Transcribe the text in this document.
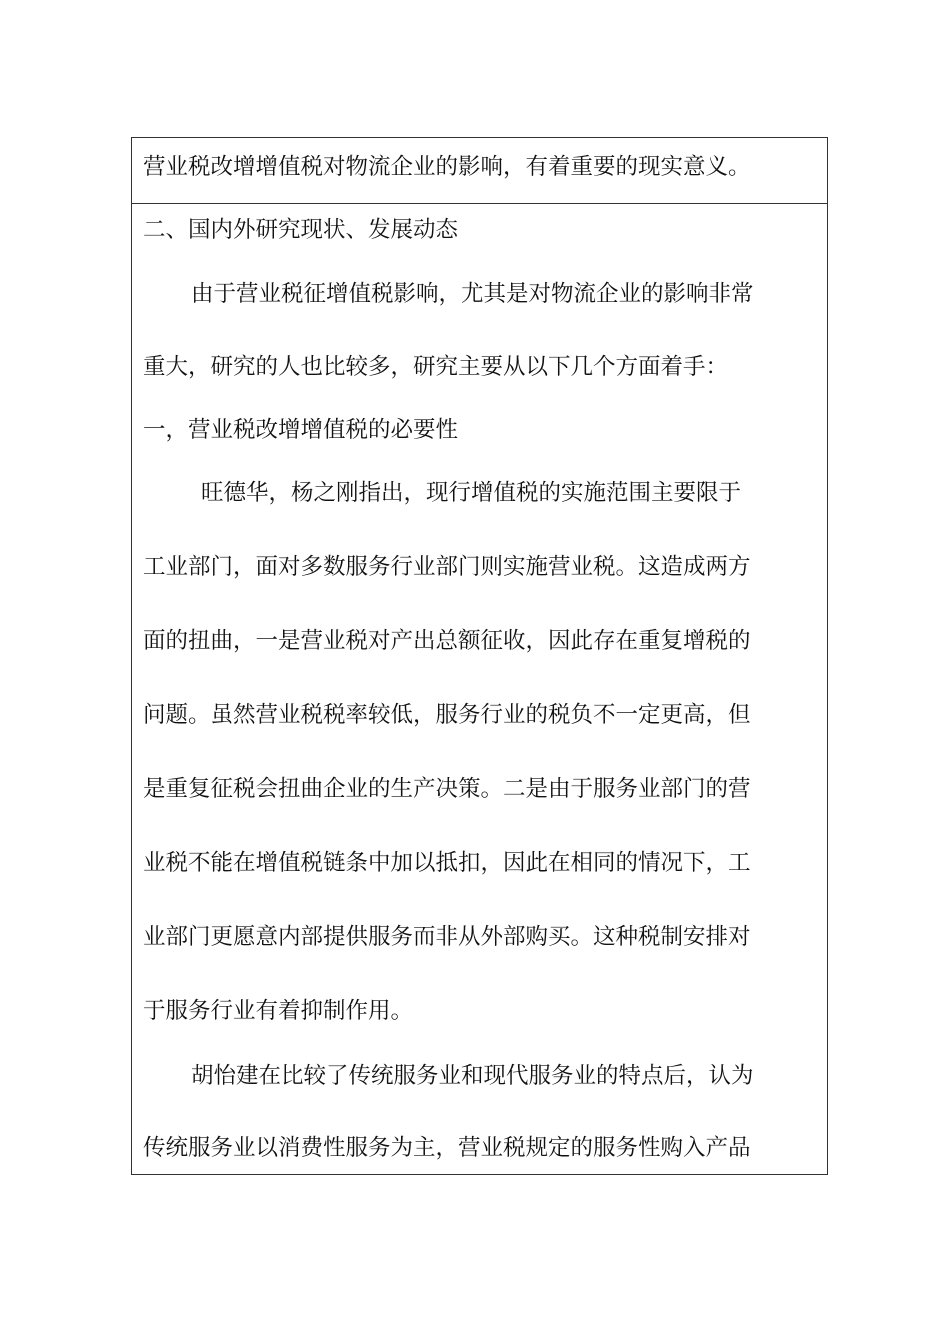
营业税改增增值税对物流企业的影响，有着重要的现实意义。
二、国内外研究现状、发展动态
由于营业税征增值税影响，尤其是对物流企业的影响非常
重大，研究的人也比较多，研究主要从以下几个方面着手：
一，营业税改增增值税的必要性
旺德华，杨之刚指出，现行增值税的实施范围主要限于
工业部门，面对多数服务行业部门则实施营业税。这造成两方
面的扭曲，一是营业税对产出总额征收，因此存在重复增税的
问题。虽然营业税税率较低，服务行业的税负不一定更高，但
是重复征税会扭曲企业的生产决策。二是由于服务业部门的营
业税不能在增值税链条中加以抵扣，因此在相同的情况下，工
业部门更愿意内部提供服务而非从外部购买。这种税制安排对
于服务行业有着抑制作用。
胡怡建在比较了传统服务业和现代服务业的特点后，认为
传统服务业以消费性服务为主，营业税规定的服务性购入产品
